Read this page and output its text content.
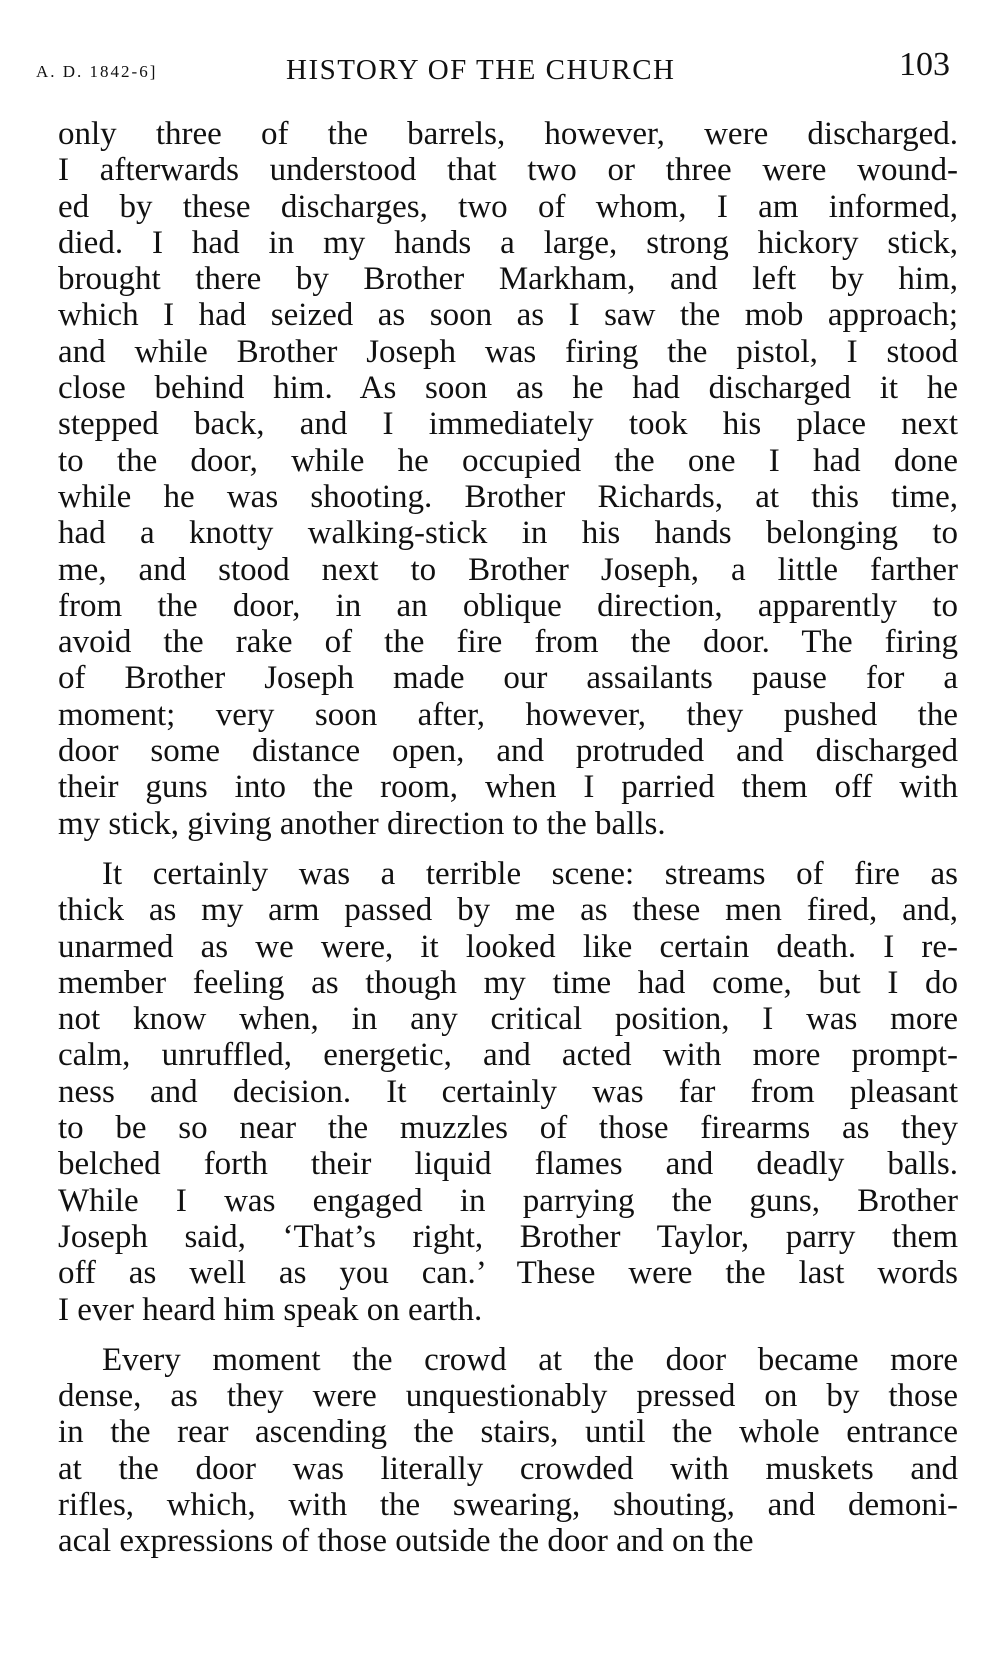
A. D. 1842-6]	HISTORY OF THE CHURCH	103
only three of the barrels, however, were discharged.
I afterwards understood that two or three were wound-
ed by these discharges, two of whom, I am informed,
died. I had in my hands a large, strong hickory stick,
brought there by Brother Markham, and left by him,
which I had seized as soon as I saw the mob approach;
and while Brother Joseph was firing the pistol, I stood
close behind him. As soon as he had discharged it he
stepped back, and I immediately took his place next
to the door, while he occupied the one I had done
while he was shooting. Brother Richards, at this time,
had a knotty walking-stick in his hands belonging to
me, and stood next to Brother Joseph, a little farther
from the door, in an oblique direction, apparently to
avoid the rake of the fire from the door. The firing
of Brother Joseph made our assailants pause for a
moment; very soon after, however, they pushed the
door some distance open, and protruded and discharged
their guns into the room, when I parried them off with
my stick, giving another direction to the balls.
It certainly was a terrible scene: streams of fire as
thick as my arm passed by me as these men fired, and,
unarmed as we were, it looked like certain death. I re-
member feeling as though my time had come, but I do
not know when, in any critical position, I was more
calm, unruffled, energetic, and acted with more prompt-
ness and decision. It certainly was far from pleasant
to be so near the muzzles of those firearms as they
belched forth their liquid flames and deadly balls.
While I was engaged in parrying the guns, Brother
Joseph said, ‘That’s right, Brother Taylor, parry them
off as well as you can.’ These were the last words
I ever heard him speak on earth.
Every moment the crowd at the door became more
dense, as they were unquestionably pressed on by those
in the rear ascending the stairs, until the whole entrance
at the door was literally crowded with muskets and
rifles, which, with the swearing, shouting, and demoni-
acal expressions of those outside the door and on the
